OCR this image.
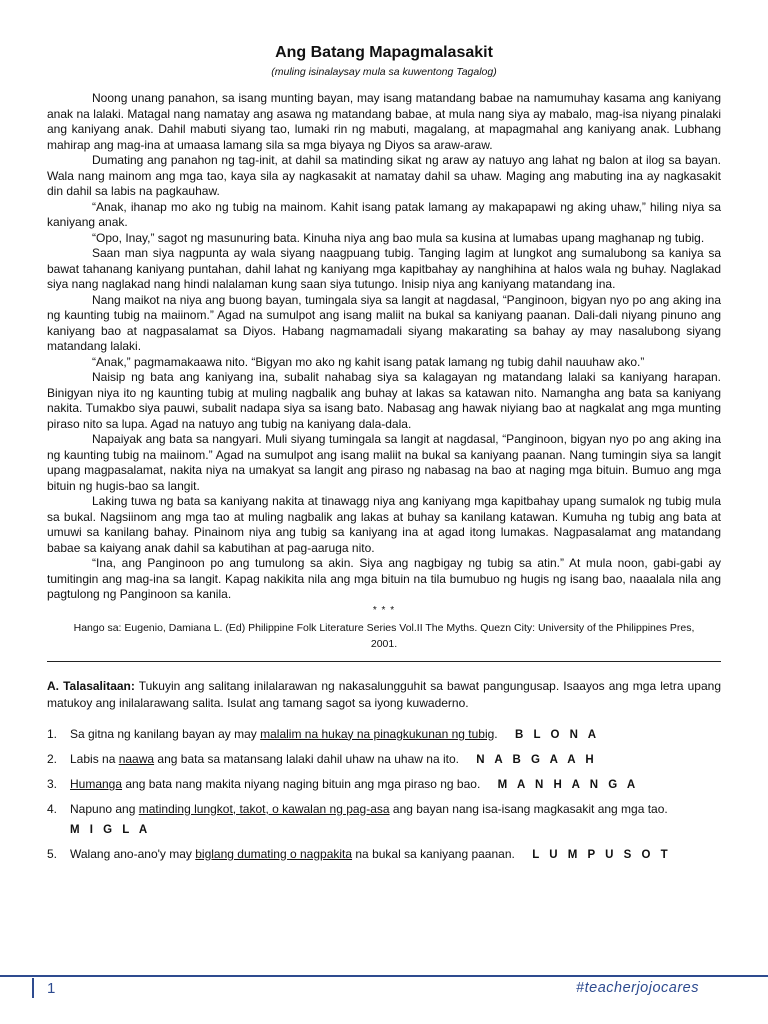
Ang Batang Mapagmalasakit

(muling isinalaysay mula sa kuwentong Tagalog)

Noong unang panahon, sa isang munting bayan, may isang matandang babae na namumuhay kasama ang kaniyang anak na lalaki. Matagal nang namatay ang asawa ng matandang babae, at mula nang siya ay mabalo, mag-isa niyang pinalaki ang kaniyang anak. Dahil mabuti siyang tao, lumaki rin ng mabuti, magalang, at mapagmahal ang kaniyang anak. Lubhang mahirap ang mag-ina at umaasa lamang sila sa mga biyaya ng Diyos sa araw-araw.

Dumating ang panahon ng tag-init, at dahil sa matinding sikat ng araw ay natuyo ang lahat ng balon at ilog sa bayan. Wala nang mainom ang mga tao, kaya sila ay nagkasakit at namatay dahil sa uhaw. Maging ang mabuting ina ay nagkasakit din dahil sa labis na pagkauhaw.

“Anak, ihanap mo ako ng tubig na mainom. Kahit isang patak lamang ay makapapawi ng aking uhaw,” hiling niya sa kaniyang anak.

“Opo, Inay,” sagot ng masunuring bata. Kinuha niya ang bao mula sa kusina at lumabas upang maghanap ng tubig.

Saan man siya nagpunta ay wala siyang naagpuang tubig. Tanging lagim at lungkot ang sumalubong sa kaniya sa bawat tahanang kaniyang puntahan, dahil lahat ng kaniyang mga kapitbahay ay nanghihina at halos wala ng buhay. Naglakad siya nang naglakad nang hindi nalalaman kung saan siya tutungo. Inisip niya ang kaniyang matandang ina.

Nang maikot na niya ang buong bayan, tumingala siya sa langit at nagdasal, “Panginoon, bigyan nyo po ang aking ina ng kaunting tubig na maiinom.” Agad na sumulpot ang isang maliit na bukal sa kaniyang paanan. Dali-dali niyang pinuno ang kaniyang bao at nagpasalamat sa Diyos. Habang nagmamadali siyang makarating sa bahay ay may nasalubong siyang matandang lalaki.

“Anak,” pagmamakaawa nito. “Bigyan mo ako ng kahit isang patak lamang ng tubig dahil nauuhaw ako.”

Naisip ng bata ang kaniyang ina, subalit nahabag siya sa kalagayan ng matandang lalaki sa kaniyang harapan. Binigyan niya ito ng kaunting tubig at muling nagbalik ang buhay at lakas sa katawan nito. Namangha ang bata sa kaniyang nakita. Tumakbo siya pauwi, subalit nadapa siya sa isang bato. Nabasag ang hawak niyiang bao at nagkalat ang mga munting piraso nito sa lupa. Agad na natuyo ang tubig na kaniyang dala-dala.

Napaiyak ang bata sa nangyari. Muli siyang tumingala sa langit at nagdasal, “Panginoon, bigyan nyo po ang aking ina ng kaunting tubig na maiinom.” Agad na sumulpot ang isang maliit na bukal sa kaniyang paanan. Nang tumingin siya sa langit upang magpasalamat, nakita niya na umakyat sa langit ang piraso ng nabasag na bao at naging mga bituin. Bumuo ang mga bituin ng hugis-bao sa langit.

Laking tuwa ng bata sa kaniyang nakita at tinawagg niya ang kaniyang mga kapitbahay upang sumalok ng tubig mula sa bukal. Nagsiinom ang mga tao at muling nagbalik ang lakas at buhay sa kanilang katawan. Kumuha ng tubig ang bata at umuwi sa kanilang bahay. Pinainom niya ang tubig sa kaniyang ina at agad itong lumakas. Nagpasalamat ang matandang babae sa kaiyang anak dahil sa kabutihan at pag-aaruga nito.

“Ina, ang Panginoon po ang tumulong sa akin. Siya ang nagbigay ng tubig sa atin.” At mula noon, gabi-gabi ay tumitingin ang mag-ina sa langit. Kapag nakikita nila ang mga bituin na tila bumubuo ng hugis ng isang bao, naaalala nila ang pagtulong ng Panginoon sa kanila.

* * *

Hango sa: Eugenio, Damiana L. (Ed) Philippine Folk Literature Series Vol.II The Myths. Quezn City: University of the Philippines Pres, 2001.

A. Talasalitaan: Tukuyin ang salitang inilalarawan ng nakasalungguhit sa bawat pangungusap. Isaayos ang mga letra upang matukoy ang inilalarawang salita. Isulat ang tamang sagot sa iyong kuwaderno.

1. Sa gitna ng kanilang bayan ay may malalim na hukay na pinagkukunan ng tubig. B L O N A
2. Labis na naawa ang bata sa matansang lalaki dahil uhaw na uhaw na ito. N A B G A A H
3. Humanga ang bata nang makita niyang naging bituin ang mga piraso ng bao. M A N H A N G A
4. Napuno ang matinding lungkot, takot, o kawalan ng pag-asa ang bayan nang isa-isang magkasakit ang mga tao.
M I G L A
5. Walang ano-ano'y may biglang dumating o nagpakita na bukal sa kaniyang paanan. L U M P U S O T
1	#teacherjojocares
